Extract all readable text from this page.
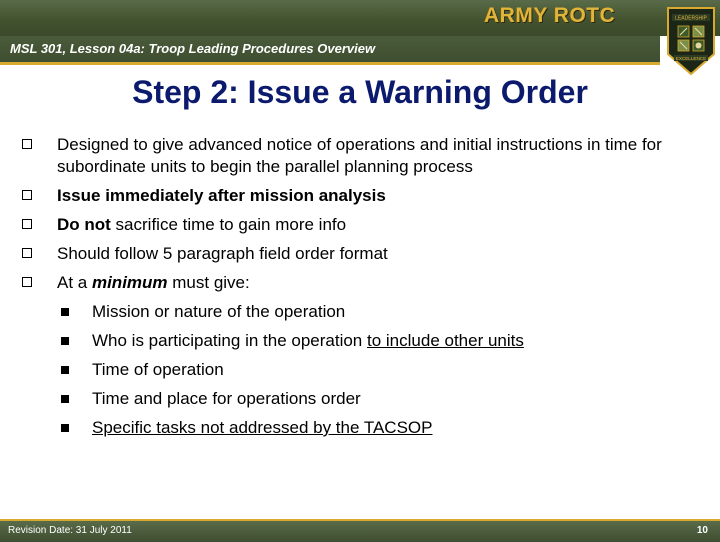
ARMY ROTC
MSL 301, Lesson 04a: Troop Leading Procedures Overview
LEADERSHIP
EXCELLENCE
Step 2: Issue a Warning Order
Designed to give advanced notice of operations and initial instructions in time for subordinate units to begin the parallel planning process
Issue immediately after mission analysis
Do not sacrifice time to gain more info
Should follow 5 paragraph field order format
At a minimum must give:
Mission or nature of the operation
Who is participating in the operation to include other units
Time of operation
Time and place for operations order
Specific tasks not addressed by the TACSOP
Revision Date: 31 July 2011	10
